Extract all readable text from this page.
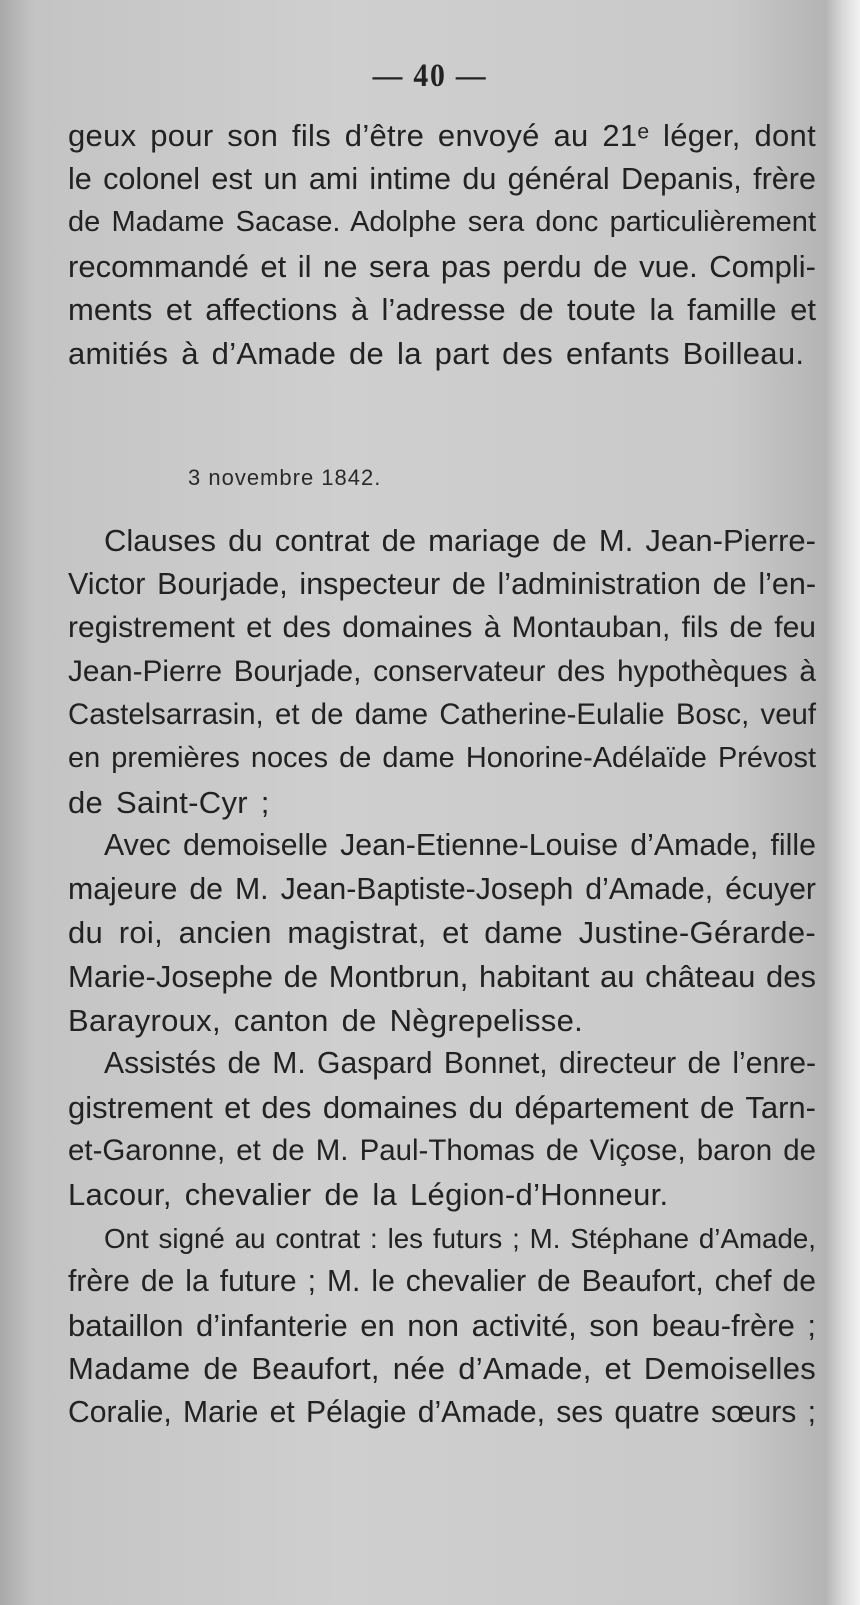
— 40 —
geux pour son fils d’être envoyé au 21ᵉ léger, dont
le colonel est un ami intime du général Depanis, frère
de Madame Sacase. Adolphe sera donc particulièrement
recommandé et il ne sera pas perdu de vue. Compli-
ments et affections à l’adresse de toute la famille et
amitiés à d’Amade de la part des enfants Boilleau.
3 novembre 1842.
Clauses du contrat de mariage de M. Jean-Pierre-
Victor Bourjade, inspecteur de l’administration de l’en-
registrement et des domaines à Montauban, fils de feu
Jean-Pierre Bourjade, conservateur des hypothèques à
Castelsarrasin, et de dame Catherine-Eulalie Bosc, veuf
en premières noces de dame Honorine-Adélaïde Prévost
de Saint-Cyr ;
Avec demoiselle Jean-Etienne-Louise d’Amade, fille
majeure de M. Jean-Baptiste-Joseph d’Amade, écuyer
du roi, ancien magistrat, et dame Justine-Gérarde-
Marie-Josephe de Montbrun, habitant au château des
Barayroux, canton de Nègrepelisse.
Assistés de M. Gaspard Bonnet, directeur de l’enre-
gistrement et des domaines du département de Tarn-
et-Garonne, et de M. Paul-Thomas de Viçose, baron de
Lacour, chevalier de la Légion-d’Honneur.
Ont signé au contrat : les futurs ; M. Stéphane d’Amade,
frère de la future ; M. le chevalier de Beaufort, chef de
bataillon d’infanterie en non activité, son beau-frère ;
Madame de Beaufort, née d’Amade, et Demoiselles
Coralie, Marie et Pélagie d’Amade, ses quatre sœurs ;
